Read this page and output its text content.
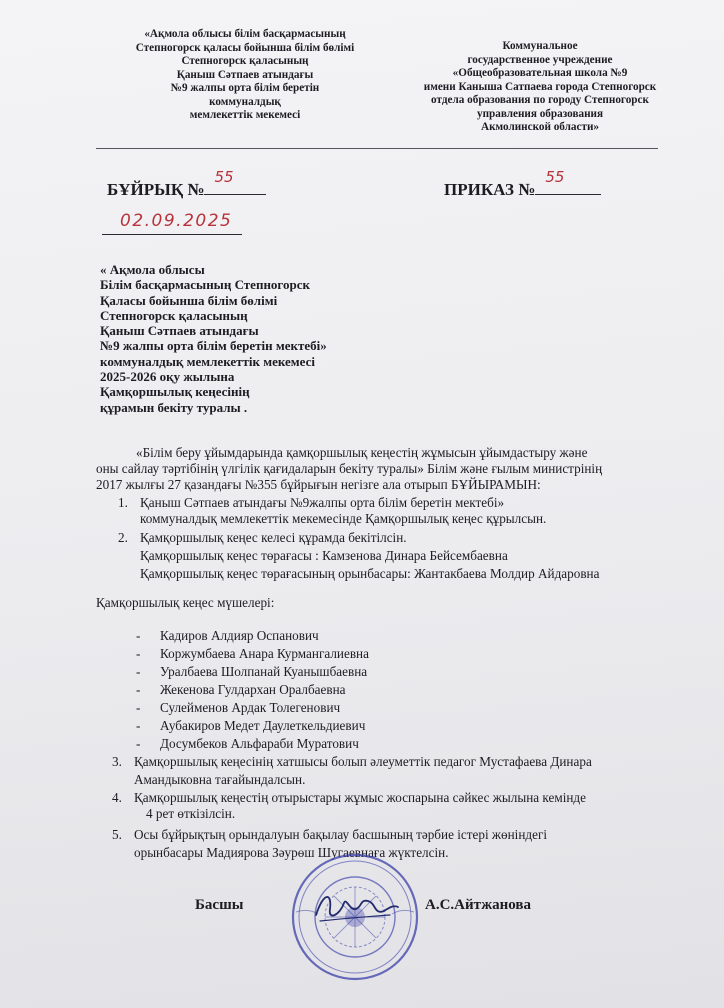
«Ақмола облысы білім басқармасының
Степногорск қаласы бойынша білім бөлімі
Степногорск қаласының
Қаныш Сәтпаев атындағы
№9 жалпы орта білім беретін
коммуналдық
мемлекеттік мекемесі
Коммунальное
государственное учреждение
«Общеобразовательная школа №9
имени Каныша Сатпаева города Степногорск
отдела образования по городу Степногорск
управления образования
Акмолинской области»
БҰЙРЫҚ №
55
ПРИКАЗ №
55
02.09.2025
« Ақмола облысы
Білім басқармасының Степногорск
Қаласы бойынша білім бөлімі
Степногорск қаласының
Қаныш Сәтпаев атындағы
№9 жалпы орта білім беретін мектебі»
коммуналдық мемлекеттік мекемесі
2025-2026 оқу жылына
Қамқоршылық кеңесінің
құрамын бекіту туралы .
«Білім беру ұйымдарында қамқоршылық кеңестің жұмысын ұйымдастыру және
оны сайлау тәртібінің үлгілік қағидаларын бекіту туралы» Білім және ғылым министрінің
2017 жылғы 27 қазандағы №355 бұйрығын негізге ала отырып БҰЙЫРАМЫН:
1. Қаныш Сәтпаев атындағы №9жалпы орта білім беретін мектебі»
коммуналдық мемлекеттік мекемесінде Қамқоршылық кеңес құрылсын.
2. Қамқоршылық кеңес келесі құрамда бекітілсін.
Қамқоршылық кеңес төрағасы : Камзенова Динара Бейсембаевна
Қамқоршылық кеңес төрағасының орынбасары: Жантакбаева Молдир Айдаровна
Қамқоршылық кеңес мүшелері:
- Кадиров Алдияр Оспанович
- Коржумбаева Анара Курмангалиевна
- Уралбаева Шолпанай Куанышбаевна
- Жекенова Гулдархан Оралбаевна
- Сулейменов Ардак Толегенович
- Аубакиров Медет Даулеткельдиевич
- Досумбеков Альфараби Муратович
3. Қамқоршылық кеңесінің хатшысы болып әлеуметтік педагог Мустафаева Динара
Амандыковна тағайындалсын.
4. Қамқоршылық кеңестің отырыстары жұмыс жоспарына сәйкес жылына кемінде
4 рет өткізілсін.
5. Осы бұйрықтың орындалуын бақылау басшының тәрбие істері жөніндегі
орынбасары Мадиярова Зәурөш Шугаевнаға жүктелсін.
Басшы	А.С.Айтжанова
